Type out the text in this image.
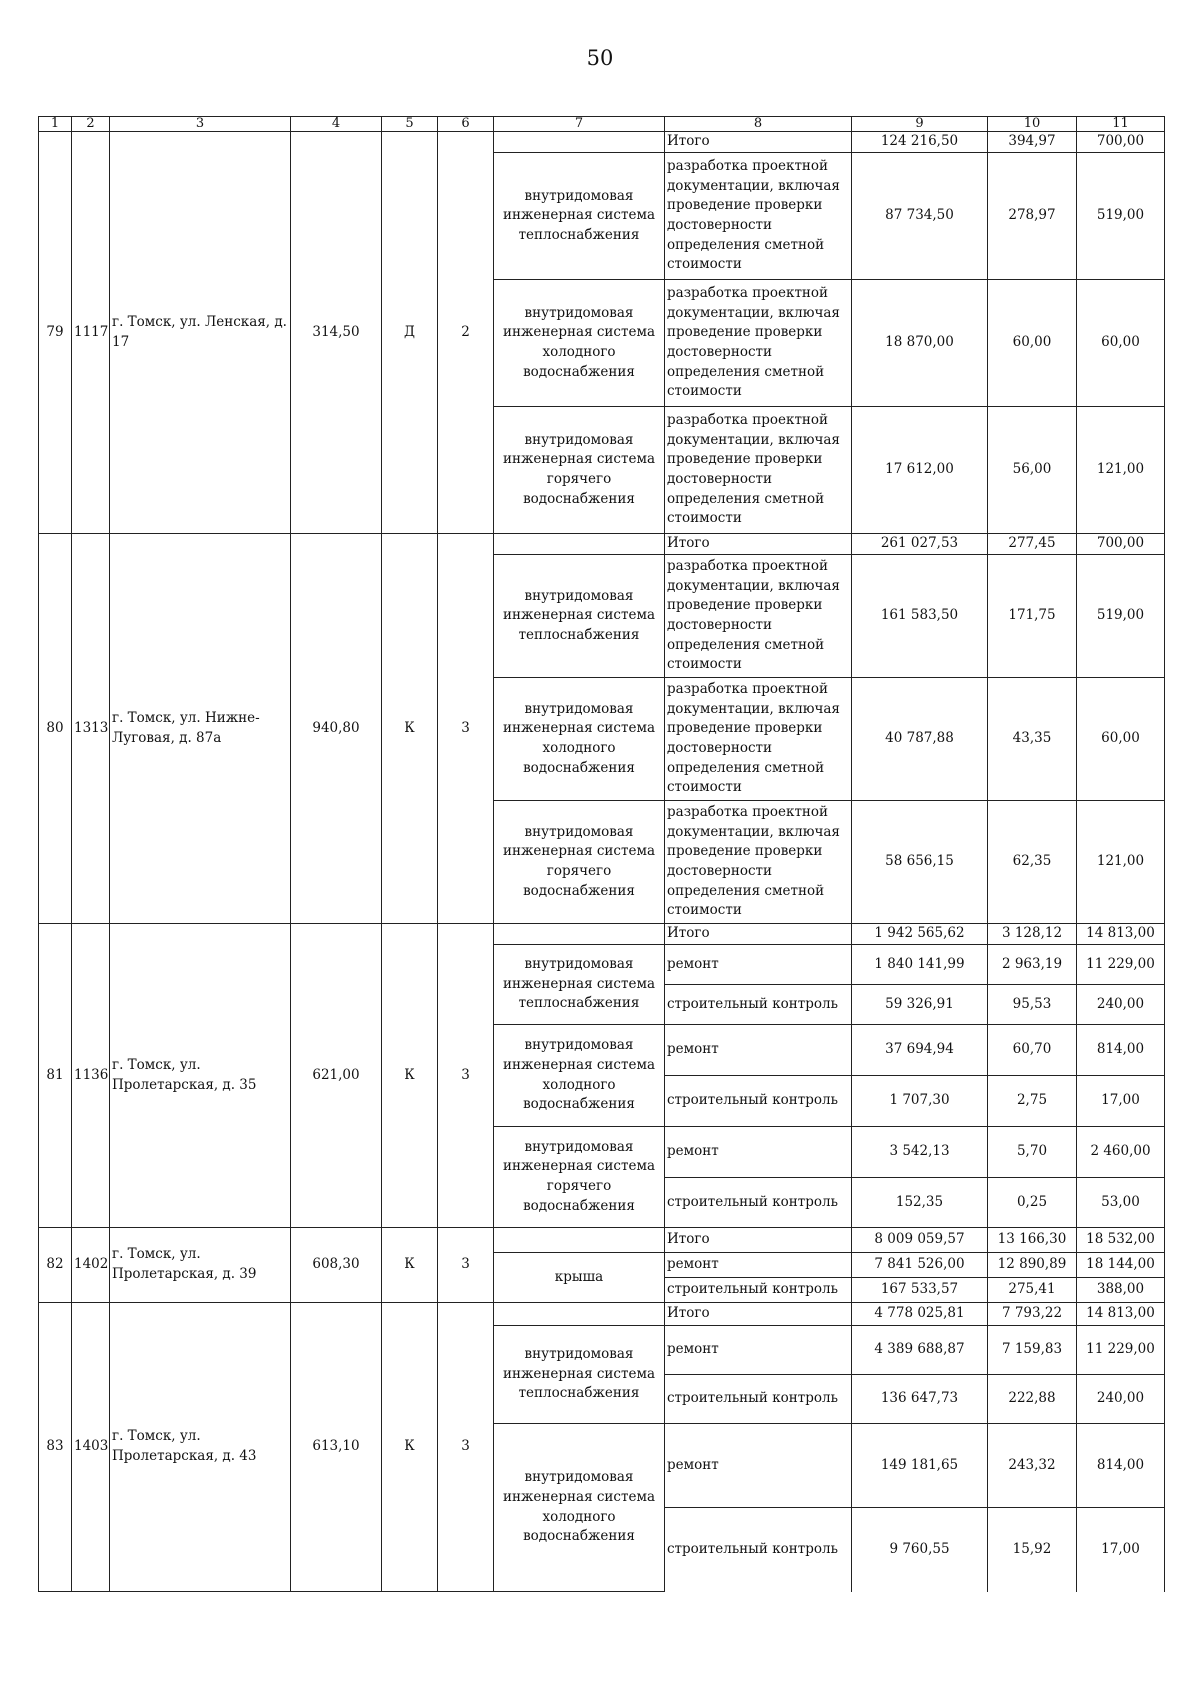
50
1	2	3	4	5	6	7	8	9	10	11
79	1117	г. Томск, ул. Ленская, д. 17	314,50	Д	2		Итого	124 216,50	394,97	700,00
						внутридомовая инженерная система теплоснабжения	разработка проектной документации, включая проведение проверки достоверности определения сметной стоимости	87 734,50	278,97	519,00
						внутридомовая инженерная система холодного водоснабжения	разработка проектной документации, включая проведение проверки достоверности определения сметной стоимости	18 870,00	60,00	60,00
						внутридомовая инженерная система горячего водоснабжения	разработка проектной документации, включая проведение проверки достоверности определения сметной стоимости	17 612,00	56,00	121,00
80	1313	г. Томск, ул. Нижне-Луговая, д. 87а	940,80	К	3		Итого	261 027,53	277,45	700,00
						внутридомовая инженерная система теплоснабжения	разработка проектной документации, включая проведение проверки достоверности определения сметной стоимости	161 583,50	171,75	519,00
						внутридомовая инженерная система холодного водоснабжения	разработка проектной документации, включая проведение проверки достоверности определения сметной стоимости	40 787,88	43,35	60,00
						внутридомовая инженерная система горячего водоснабжения	разработка проектной документации, включая проведение проверки достоверности определения сметной стоимости	58 656,15	62,35	121,00
81	1136	г. Томск, ул. Пролетарская, д. 35	621,00	К	3		Итого	1 942 565,62	3 128,12	14 813,00
						внутридомовая инженерная система теплоснабжения	ремонт	1 840 141,99	2 963,19	11 229,00
							строительный контроль	59 326,91	95,53	240,00
						внутридомовая инженерная система холодного водоснабжения	ремонт	37 694,94	60,70	814,00
							строительный контроль	1 707,30	2,75	17,00
						внутридомовая инженерная система горячего водоснабжения	ремонт	3 542,13	5,70	2 460,00
							строительный контроль	152,35	0,25	53,00
82	1402	г. Томск, ул. Пролетарская, д. 39	608,30	К	3		Итого	8 009 059,57	13 166,30	18 532,00
						крыша	ремонт	7 841 526,00	12 890,89	18 144,00
							строительный контроль	167 533,57	275,41	388,00
83	1403	г. Томск, ул. Пролетарская, д. 43	613,10	К	3		Итого	4 778 025,81	7 793,22	14 813,00
						внутридомовая инженерная система теплоснабжения	ремонт	4 389 688,87	7 159,83	11 229,00
							строительный контроль	136 647,73	222,88	240,00
						внутридомовая инженерная система холодного водоснабжения	ремонт	149 181,65	243,32	814,00
							строительный контроль	9 760,55	15,92	17,00
